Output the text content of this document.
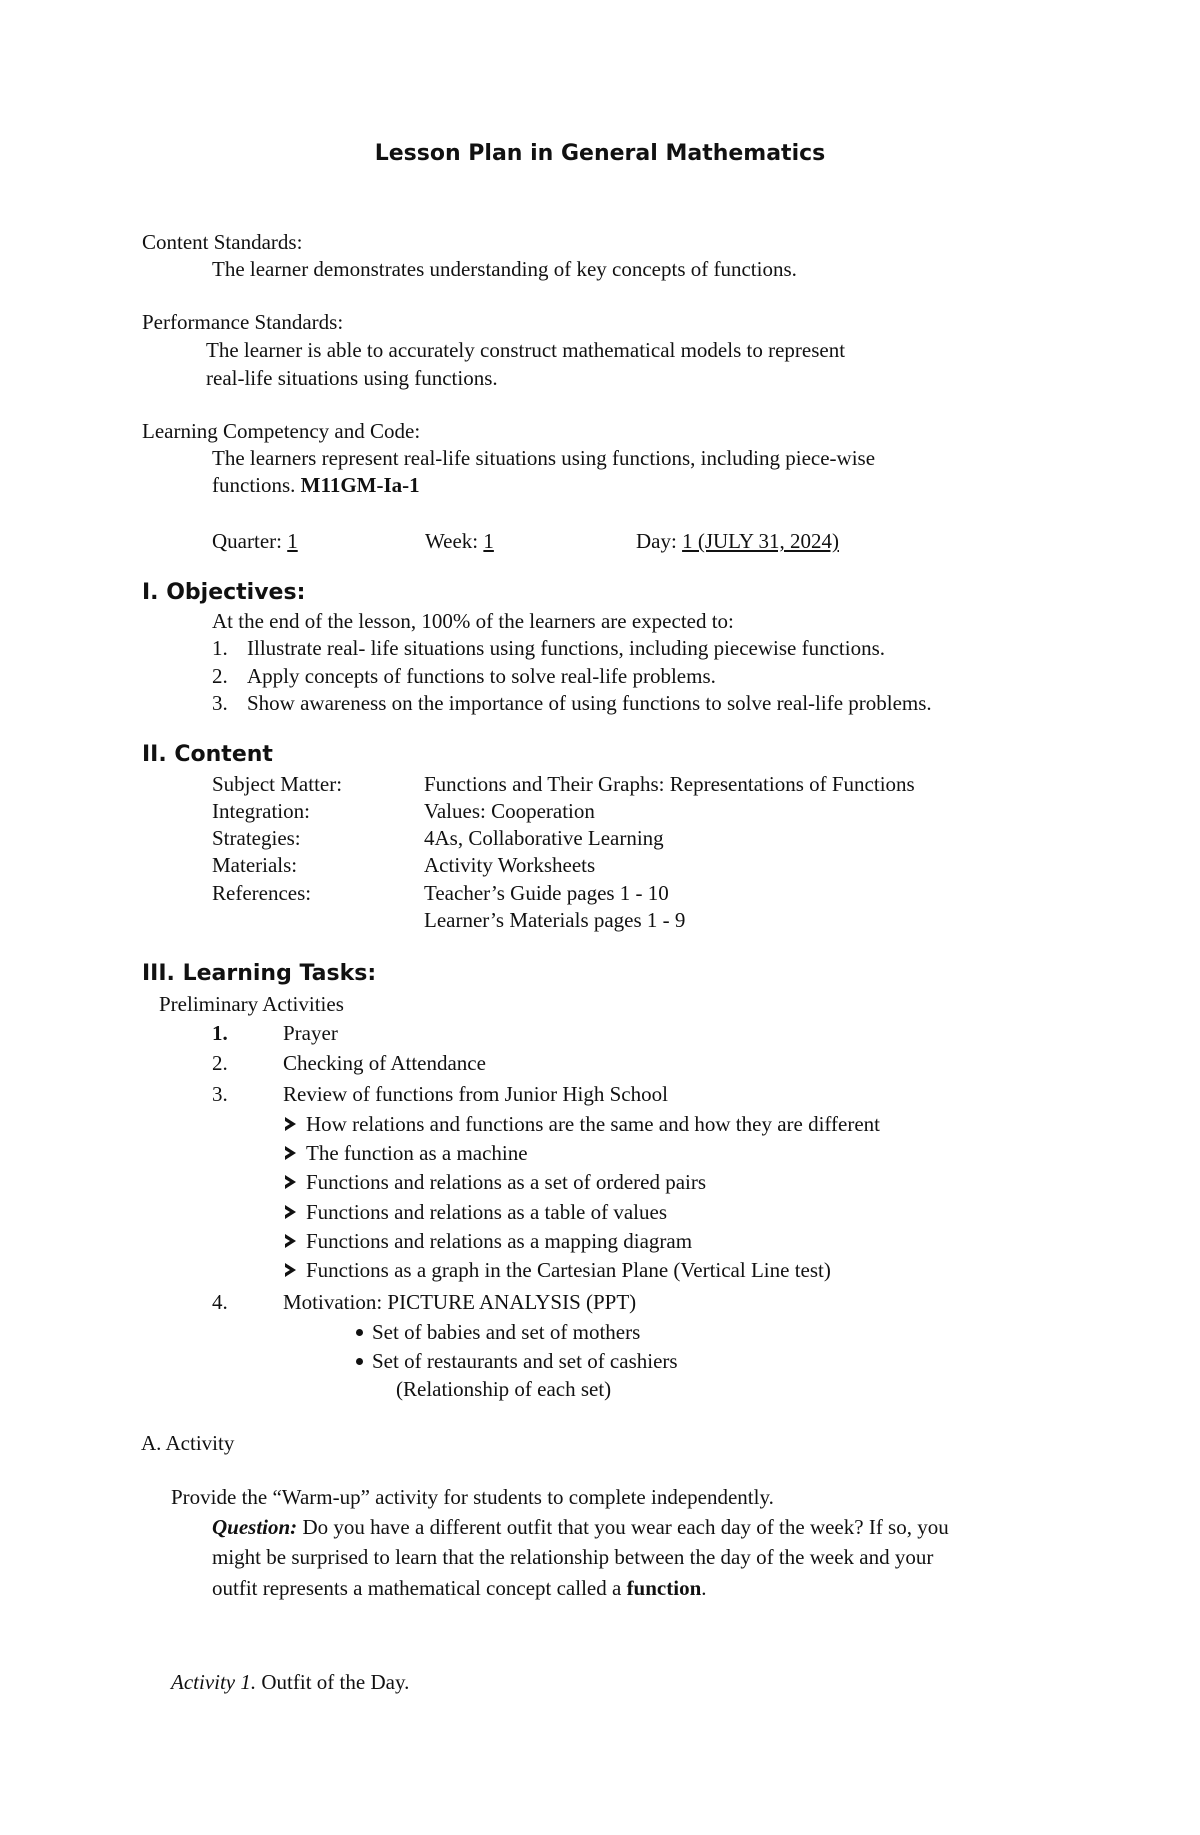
Lesson Plan in General Mathematics
Content Standards:
The learner demonstrates understanding of key concepts of functions.
Performance Standards:
The learner is able to accurately construct mathematical models to represent
real-life situations using functions.
Learning Competency and Code:
The learners represent real-life situations using functions, including piece-wise
functions. M11GM-Ia-1
Quarter: 1	Week: 1	Day: 1 (JULY 31, 2024)
I. Objectives:
At the end of the lesson, 100% of the learners are expected to:
1. Illustrate real- life situations using functions, including piecewise functions.
2. Apply concepts of functions to solve real-life problems.
3. Show awareness on the importance of using functions to solve real-life problems.
II. Content
Subject Matter:	Functions and Their Graphs: Representations of Functions
Integration:	Values: Cooperation
Strategies:	4As, Collaborative Learning
Materials:	Activity Worksheets
References:	Teacher’s Guide pages 1 - 10
Learner’s Materials pages 1 - 9
III. Learning Tasks:
Preliminary Activities
1.	Prayer
2.	Checking of Attendance
3.	Review of functions from Junior High School
How relations and functions are the same and how they are different
The function as a machine
Functions and relations as a set of ordered pairs
Functions and relations as a table of values
Functions and relations as a mapping diagram
Functions as a graph in the Cartesian Plane (Vertical Line test)
4.	Motivation: PICTURE ANALYSIS (PPT)
Set of babies and set of mothers
Set of restaurants and set of cashiers
(Relationship of each set)
A. Activity
Provide the “Warm-up” activity for students to complete independently.
Question: Do you have a different outfit that you wear each day of the week? If so, you
might be surprised to learn that the relationship between the day of the week and your
outfit represents a mathematical concept called a function.
Activity 1. Outfit of the Day.
